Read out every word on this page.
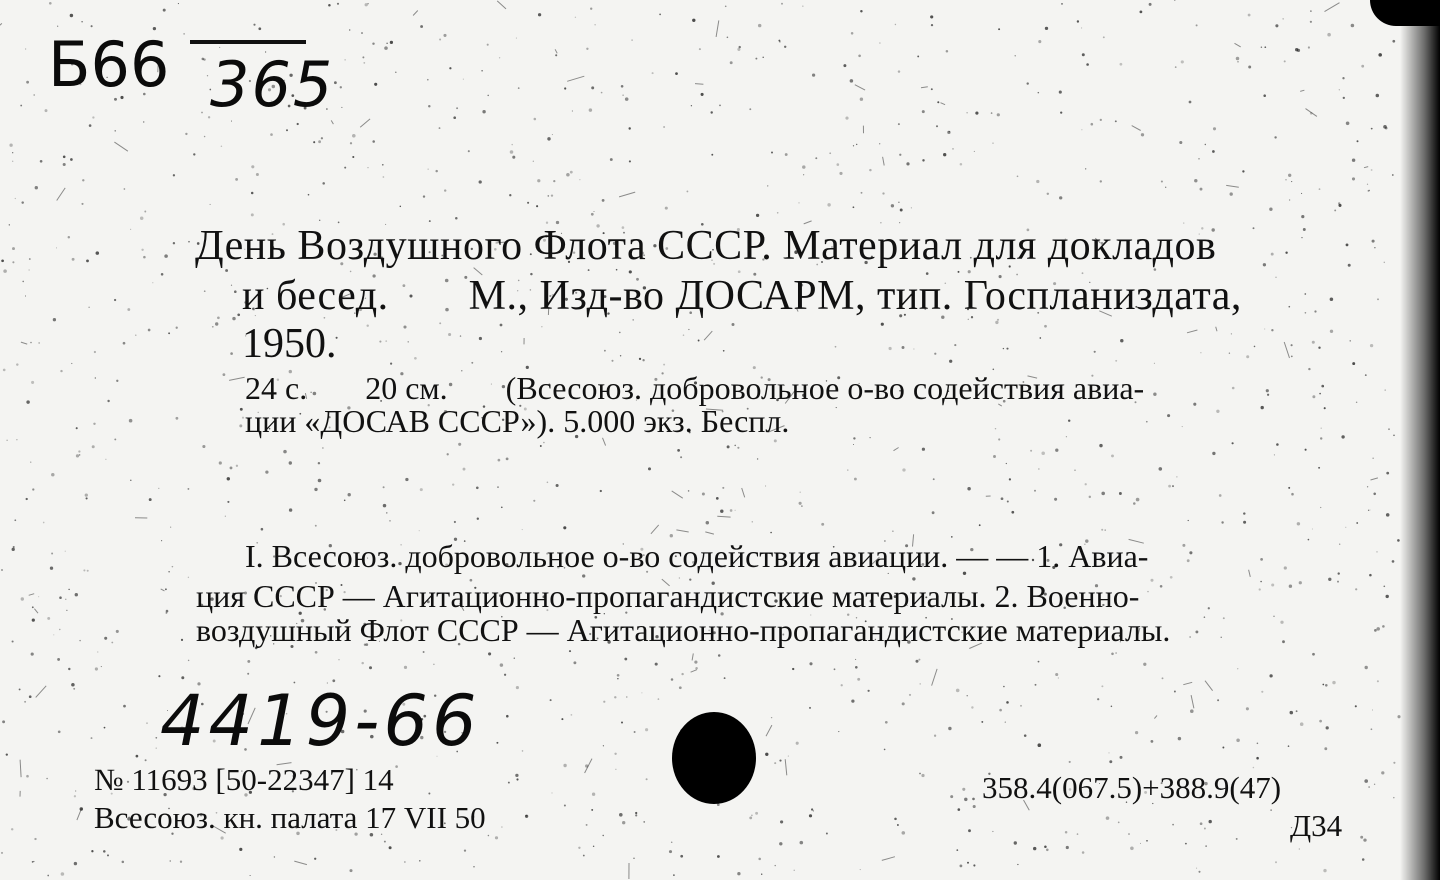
Б66 365
День Воздушного Флота СССР. Материал для докладов
и бесед. М., Изд-во ДОСАРМ, тип. Госпланиздата,
1950.
24 с. 20 см. (Всесоюз. добровольное о-во содействия авиа-
ции «ДОСАВ СССР»). 5.000 экз. Беспл.
I. Всесоюз. добровольное о-во содействия авиации. — — 1. Авиа-
ция СССР — Агитационно-пропагандистские материалы. 2. Военно-
воздушный Флот СССР — Агитационно-пропагандистские материалы.
4419-66
№ 11693 [50-22347] 14
Всесоюз. кн. палата 17 VII 50
358.4(067.5)+388.9(47)
Д34
